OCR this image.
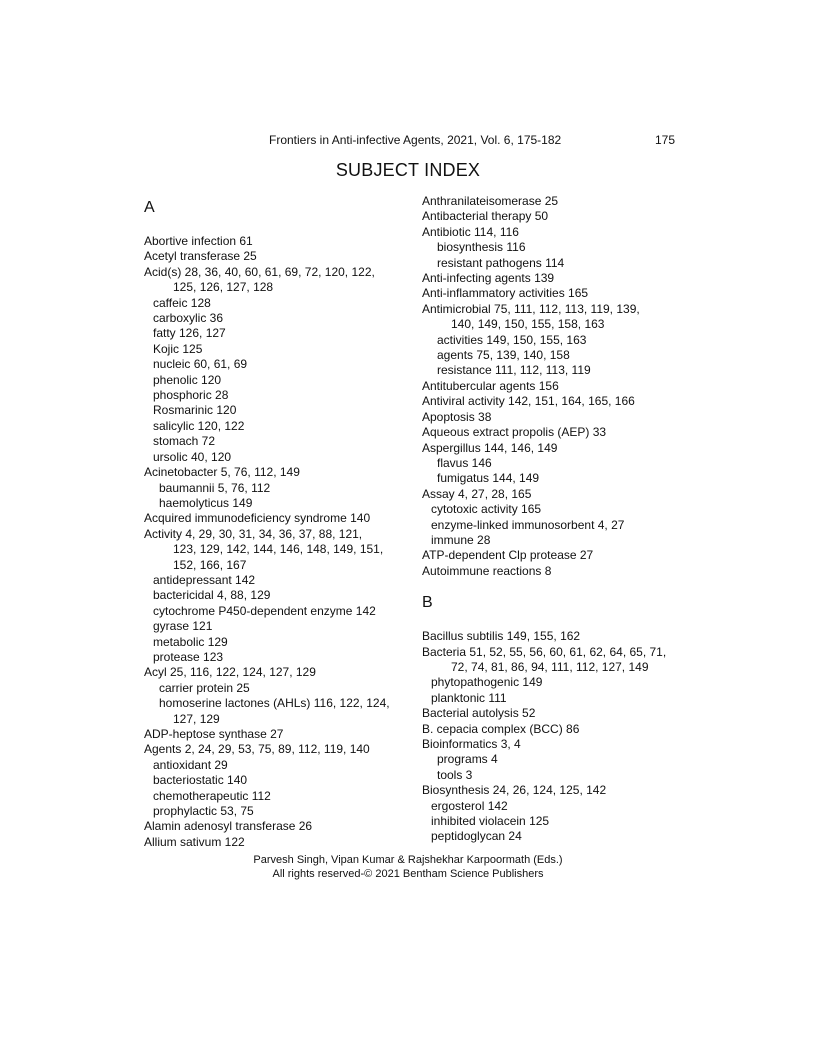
Frontiers in Anti-infective Agents, 2021, Vol. 6, 175-182	175
SUBJECT INDEX
A
Abortive infection 61
Acetyl transferase 25
Acid(s) 28, 36, 40, 60, 61, 69, 72, 120, 122,
125, 126, 127, 128
caffeic 128
carboxylic 36
fatty 126, 127
Kojic 125
nucleic 60, 61, 69
phenolic 120
phosphoric 28
Rosmarinic 120
salicylic 120, 122
stomach 72
ursolic 40, 120
Acinetobacter 5, 76, 112, 149
baumannii 5, 76, 112
haemolyticus 149
Acquired immunodeficiency syndrome 140
Activity 4, 29, 30, 31, 34, 36, 37, 88, 121,
123, 129, 142, 144, 146, 148, 149, 151,
152, 166, 167
antidepressant 142
bactericidal 4, 88, 129
cytochrome P450-dependent enzyme 142
gyrase 121
metabolic 129
protease 123
Acyl 25, 116, 122, 124, 127, 129
carrier protein 25
homoserine lactones (AHLs) 116, 122, 124,
127, 129
ADP-heptose synthase 27
Agents 2, 24, 29, 53, 75, 89, 112, 119, 140
antioxidant 29
bacteriostatic 140
chemotherapeutic 112
prophylactic 53, 75
Alamin adenosyl transferase 26
Allium sativum 122
Anthranilateisomerase 25
Antibacterial therapy 50
Antibiotic 114, 116
biosynthesis 116
resistant pathogens 114
Anti-infecting agents 139
Anti-inflammatory activities 165
Antimicrobial 75, 111, 112, 113, 119, 139,
140, 149, 150, 155, 158, 163
activities 149, 150, 155, 163
agents 75, 139, 140, 158
resistance 111, 112, 113, 119
Antitubercular agents 156
Antiviral activity 142, 151, 164, 165, 166
Apoptosis 38
Aqueous extract propolis (AEP) 33
Aspergillus 144, 146, 149
flavus 146
fumigatus 144, 149
Assay 4, 27, 28, 165
cytotoxic activity 165
enzyme-linked immunosorbent 4, 27
immune 28
ATP-dependent Clp protease 27
Autoimmune reactions 8
B
Bacillus subtilis 149, 155, 162
Bacteria 51, 52, 55, 56, 60, 61, 62, 64, 65, 71,
72, 74, 81, 86, 94, 111, 112, 127, 149
phytopathogenic 149
planktonic 111
Bacterial autolysis 52
B. cepacia complex (BCC) 86
Bioinformatics 3, 4
programs 4
tools 3
Biosynthesis 24, 26, 124, 125, 142
ergosterol 142
inhibited violacein 125
peptidoglycan 24
Parvesh Singh, Vipan Kumar & Rajshekhar Karpoormath (Eds.)
All rights reserved-© 2021 Bentham Science Publishers
